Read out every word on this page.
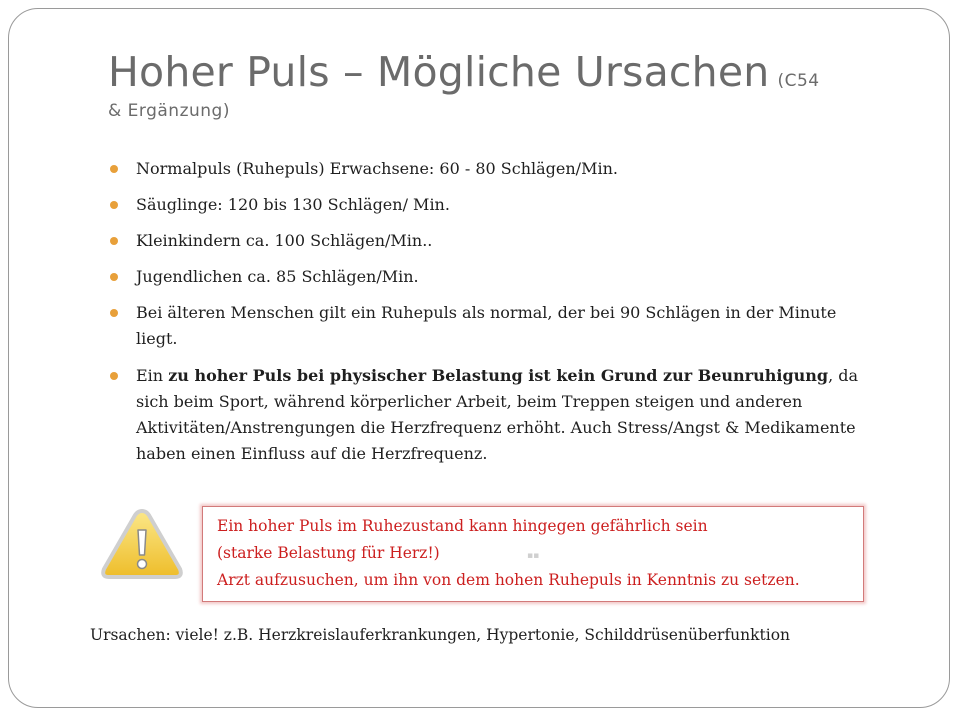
Hoher Puls – Mögliche Ursachen (C54
& Ergänzung)
Normalpuls (Ruhepuls) Erwachsene: 60 - 80 Schlägen/Min.
Säuglinge: 120 bis 130 Schlägen/ Min.
Kleinkindern ca. 100 Schlägen/Min..
Jugendlichen ca. 85 Schlägen/Min.
Bei älteren Menschen gilt ein Ruhepuls als normal, der bei 90 Schlägen in der Minute liegt.
Ein zu hoher Puls bei physischer Belastung ist kein Grund zur Beunruhigung, da sich beim Sport, während körperlicher Arbeit, beim Treppen steigen und anderen Aktivitäten/Anstrengungen die Herzfrequenz erhöht. Auch Stress/Angst & Medikamente haben einen Einfluss auf die Herzfrequenz.
Ein hoher Puls im Ruhezustand kann hingegen gefährlich sein
(starke Belastung für Herz!)
Arzt aufzusuchen, um ihn von dem hohen Ruhepuls in Kenntnis zu setzen.
▪▪
Ursachen: viele! z.B. Herzkreislauferkrankungen, Hypertonie, Schilddrüsenüberfunktion
